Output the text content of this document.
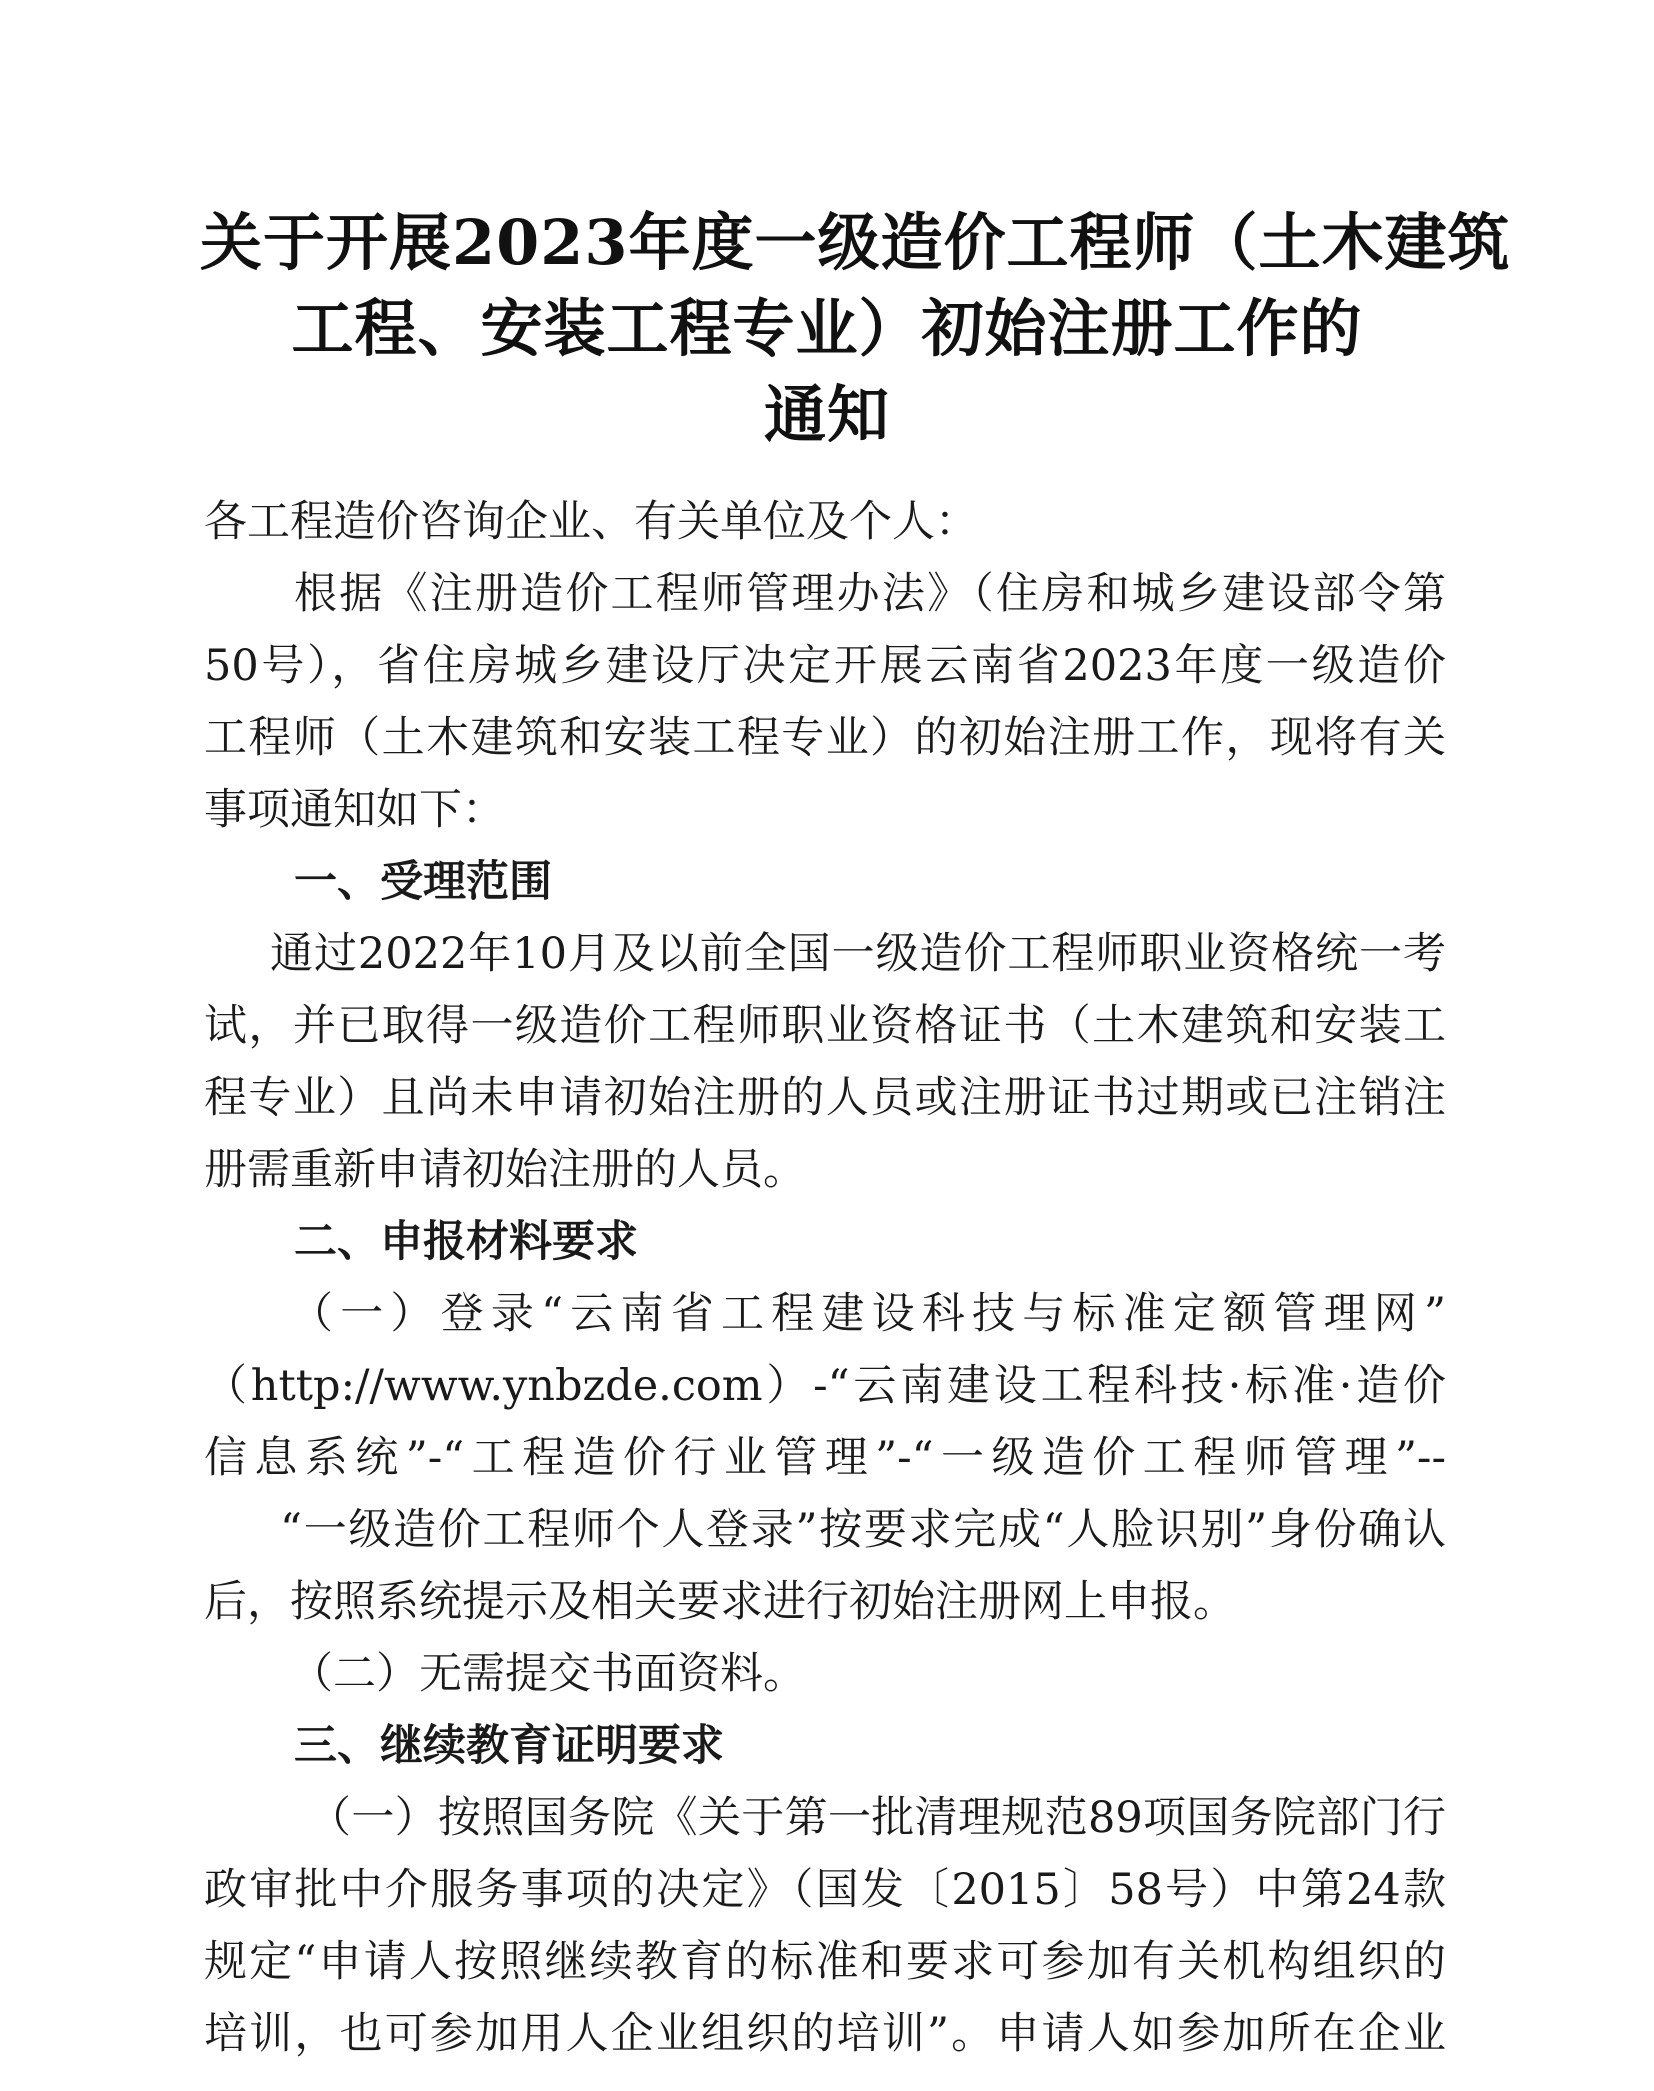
关于开展2023年度一级造价工程师（土木建筑
工程、安装工程专业）初始注册工作的
通知
各工程造价咨询企业、有关单位及个人：
根据《注册造价工程师管理办法》（住房和城乡建设部令第
50号），省住房城乡建设厅决定开展云南省2023年度一级造价
工程师（土木建筑和安装工程专业）的初始注册工作，现将有关
事项通知如下：
一、受理范围
通过2022年10月及以前全国一级造价工程师职业资格统一考
试，并已取得一级造价工程师职业资格证书（土木建筑和安装工
程专业）且尚未申请初始注册的人员或注册证书过期或已注销注
册需重新申请初始注册的人员。
二、申报材料要求
（一）登录“云南省工程建设科技与标准定额管理网”
（http://www.ynbzde.com）-“云南建设工程科技·标准·造价
信息系统”-“工程造价行业管理”-“一级造价工程师管理”--
“一级造价工程师个人登录”按要求完成“人脸识别”身份确认
后，按照系统提示及相关要求进行初始注册网上申报。
（二）无需提交书面资料。
三、继续教育证明要求
（一）按照国务院《关于第一批清理规范89项国务院部门行
政审批中介服务事项的决定》（国发〔2015〕58号）中第24款
规定“申请人按照继续教育的标准和要求可参加有关机构组织的
培训，也可参加用人企业组织的培训”。申请人如参加所在企业
